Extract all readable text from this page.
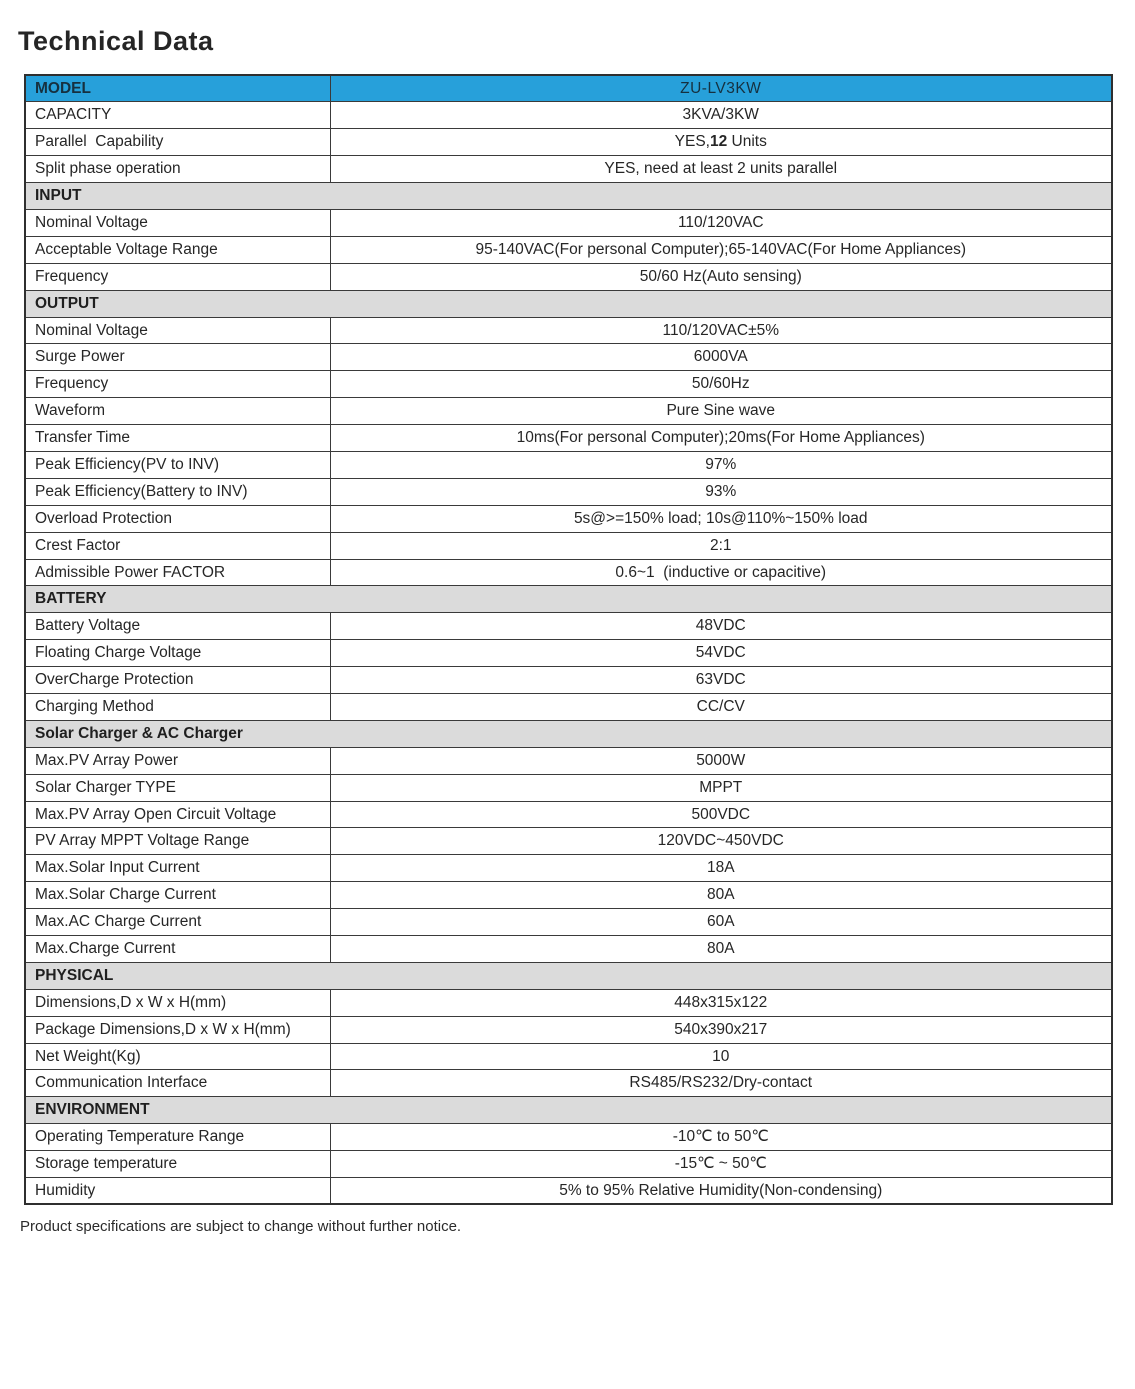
Technical Data
MODEL	ZU-LV3KW
CAPACITY	3KVA/3KW
Parallel  Capability	YES,12 Units
Split phase operation	YES, need at least 2 units parallel
INPUT	
Nominal Voltage	110/120VAC
Acceptable Voltage Range	95-140VAC(For personal Computer);65-140VAC(For Home Appliances)
Frequency	50/60 Hz(Auto sensing)
OUTPUT	
Nominal Voltage	110/120VAC±5%
Surge Power	6000VA
Frequency	50/60Hz
Waveform	Pure Sine wave
Transfer Time	10ms(For personal Computer);20ms(For Home Appliances)
Peak Efficiency(PV to INV)	97%
Peak Efficiency(Battery to INV)	93%
Overload Protection	5s@>=150% load; 10s@110%~150% load
Crest Factor	2:1
Admissible Power FACTOR	0.6~1  (inductive or capacitive)
BATTERY	
Battery Voltage	48VDC
Floating Charge Voltage	54VDC
OverCharge Protection	63VDC
Charging Method	CC/CV
Solar Charger & AC Charger	
Max.PV Array Power	5000W
Solar Charger TYPE	MPPT
Max.PV Array Open Circuit Voltage	500VDC
PV Array MPPT Voltage Range	120VDC~450VDC
Max.Solar Input Current	18A
Max.Solar Charge Current	80A
Max.AC Charge Current	60A
Max.Charge Current	80A
PHYSICAL	
Dimensions,D x W x H(mm)	448x315x122
Package Dimensions,D x W x H(mm)	540x390x217
Net Weight(Kg)	10
Communication Interface	RS485/RS232/Dry-contact
ENVIRONMENT	
Operating Temperature Range	-10℃ to 50℃
Storage temperature	-15℃ ~ 50℃
Humidity	5% to 95% Relative Humidity(Non-condensing)

Product specifications are subject to change without further notice.
